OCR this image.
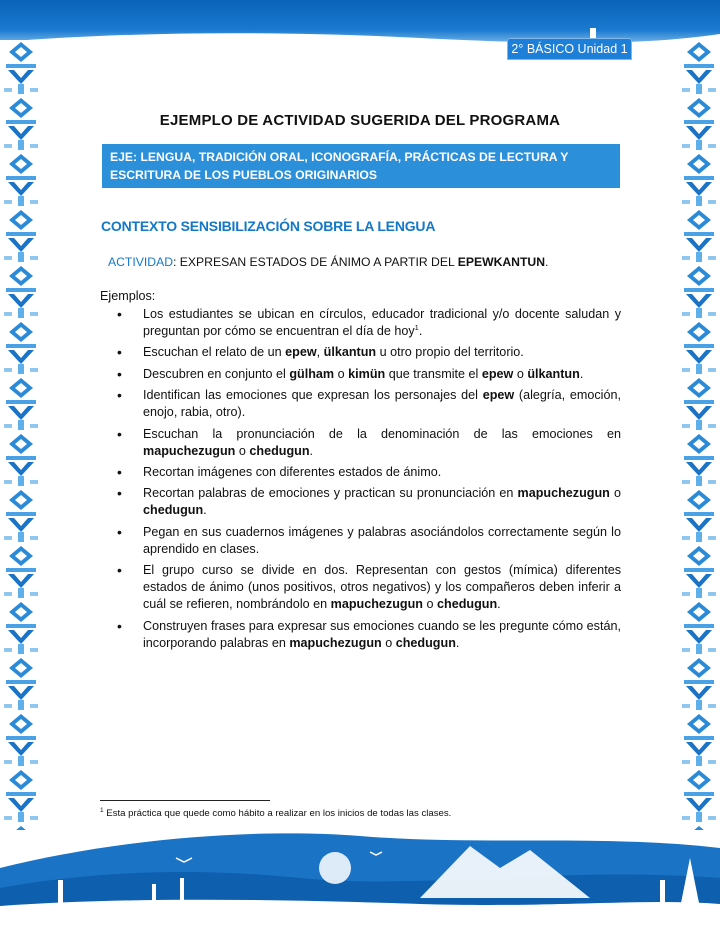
2° BÁSICO Unidad 1
EJEMPLO DE ACTIVIDAD SUGERIDA DEL PROGRAMA
EJE: LENGUA, TRADICIÓN ORAL, ICONOGRAFÍA, PRÁCTICAS DE LECTURA Y ESCRITURA DE LOS PUEBLOS ORIGINARIOS
CONTEXTO SENSIBILIZACIÓN SOBRE LA LENGUA
ACTIVIDAD: EXPRESAN ESTADOS DE ÁNIMO A PARTIR DEL EPEWKANTUN.
Ejemplos:
• Los estudiantes se ubican en círculos, educador tradicional y/o docente saludan y preguntan por cómo se encuentran el día de hoy$^1$.
• Escuchan el relato de un epew, ülkantun u otro propio del territorio.
• Descubren en conjunto el gülham o kimün que transmite el epew o ülkantun.
• Identifican las emociones que expresan los personajes del epew (alegría, emoción, enojo, rabia, otro).
• Escuchan la pronunciación de la denominación de las emociones en mapuchezugun o chedugun.
• Recortan imágenes con diferentes estados de ánimo.
• Recortan palabras de emociones y practican su pronunciación en mapuchezugun o chedugun.
• Pegan en sus cuadernos imágenes y palabras asociándolos correctamente según lo aprendido en clases.
• El grupo curso se divide en dos. Representan con gestos (mímica) diferentes estados de ánimo (unos positivos, otros negativos) y los compañeros deben inferir a cuál se refieren, nombrándolo en mapuchezugun o chedugun.
• Construyen frases para expresar sus emociones cuando se les pregunte cómo están, incorporando palabras en mapuchezugun o chedugun.
$^1$ Esta práctica que quede como hábito a realizar en los inicios de todas las clases.
